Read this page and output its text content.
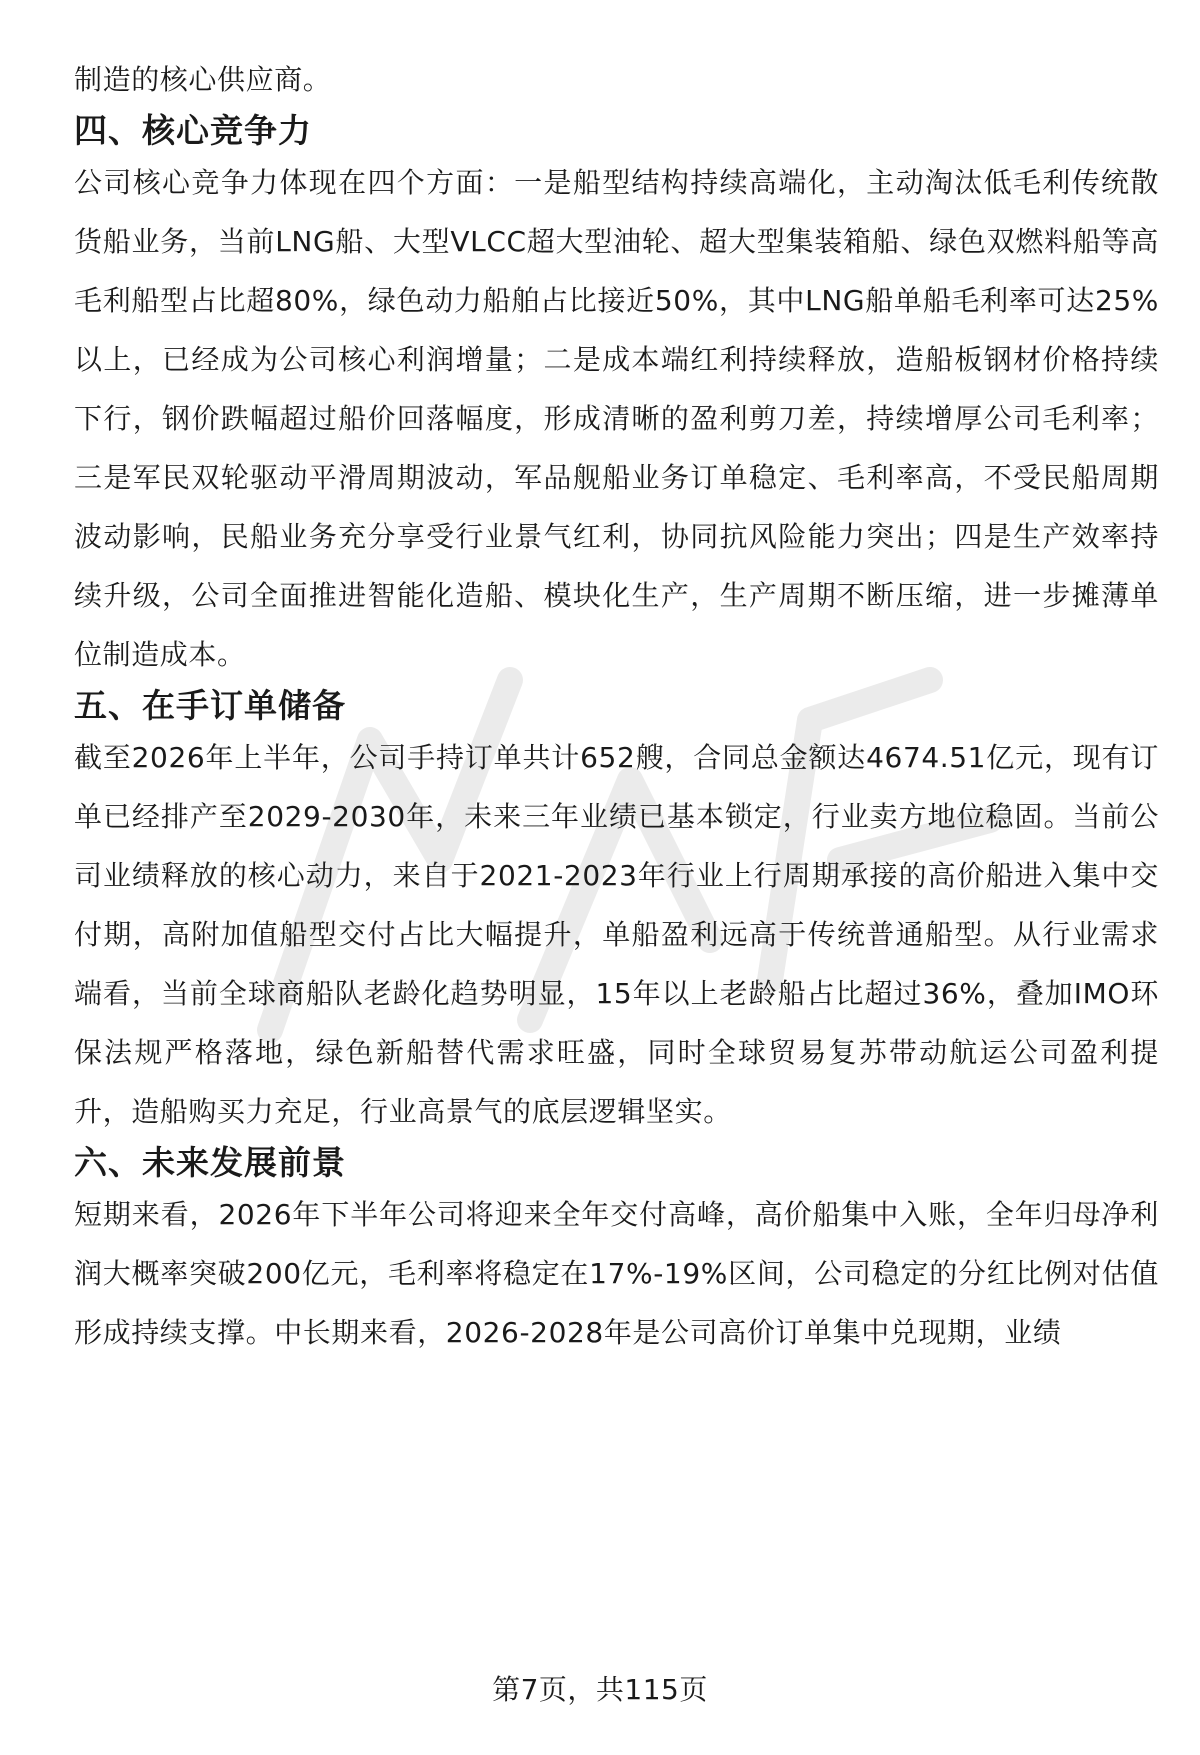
制造的核心供应商。

四、核心竞争力

公司核心竞争力体现在四个方面：一是船型结构持续高端化，主动淘汰低毛利传统散货船业务，当前LNG船、大型VLCC超大型油轮、超大型集装箱船、绿色双燃料船等高毛利船型占比超80%，绿色动力船舶占比接近50%，其中LNG船单船毛利率可达25%以上，已经成为公司核心利润增量；二是成本端红利持续释放，造船板钢材价格持续下行，钢价跌幅超过船价回落幅度，形成清晰的盈利剪刀差，持续增厚公司毛利率；三是军民双轮驱动平滑周期波动，军品舰船业务订单稳定、毛利率高，不受民船周期波动影响，民船业务充分享受行业景气红利，协同抗风险能力突出；四是生产效率持续升级，公司全面推进智能化造船、模块化生产，生产周期不断压缩，进一步摊薄单位制造成本。

五、在手订单储备

截至2026年上半年，公司手持订单共计652艘，合同总金额达4674.51亿元，现有订单已经排产至2029-2030年，未来三年业绩已基本锁定，行业卖方地位稳固。当前公司业绩释放的核心动力，来自于2021-2023年行业上行周期承接的高价船进入集中交付期，高附加值船型交付占比大幅提升，单船盈利远高于传统普通船型。从行业需求端看，当前全球商船队老龄化趋势明显，15年以上老龄船占比超过36%，叠加IMO环保法规严格落地，绿色新船替代需求旺盛，同时全球贸易复苏带动航运公司盈利提升，造船购买力充足，行业高景气的底层逻辑坚实。

六、未来发展前景

短期来看，2026年下半年公司将迎来全年交付高峰，高价船集中入账，全年归母净利润大概率突破200亿元，毛利率将稳定在17%-19%区间，公司稳定的分红比例对估值形成持续支撑。中长期来看，2026-2028年是公司高价订单集中兑现期，业绩

第7页，共115页
